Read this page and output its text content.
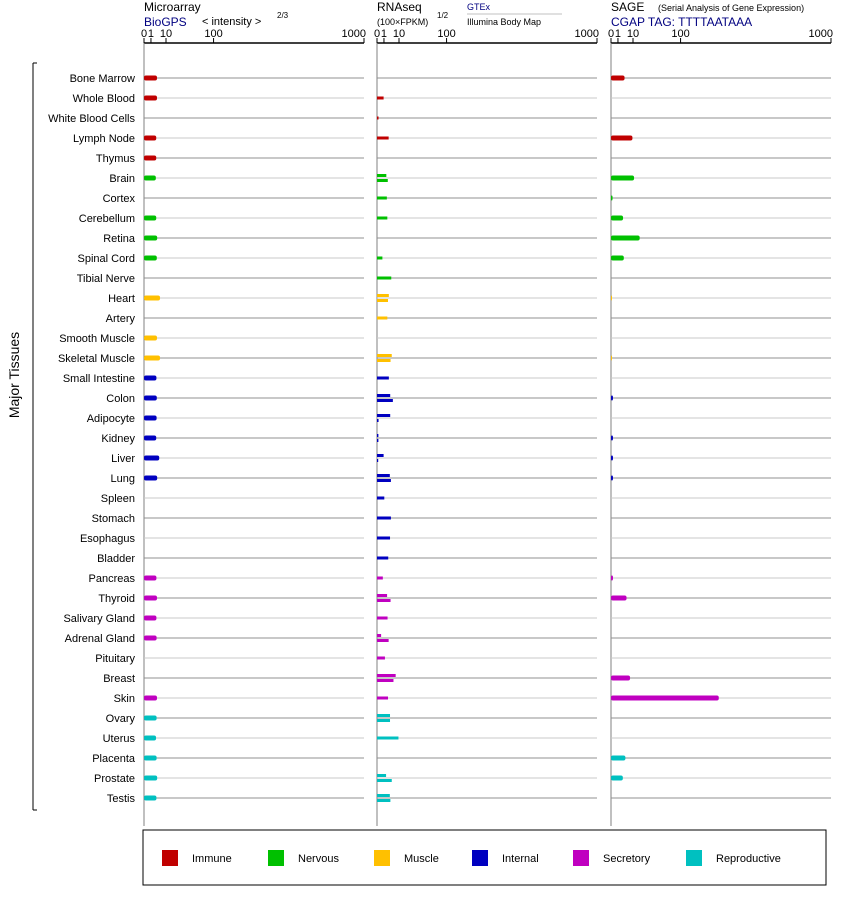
Microarray
BioGPS < intensity >
2/3
RNAseq
(100×FPKM)
1/2
GTEx
Illumina Body Map
SAGE (Serial Analysis of Gene Expression)
CGAP TAG: TTTTAATAAA
0 1 10	100	1000 0 1 10	100	1000 0 1 10	100	1000
Bone Marrow
Whole Blood
White Blood Cells
Lymph Node
Thymus
Brain
Cortex
Cerebellum
Retina
Spinal Cord
Tibial Nerve
Heart
Artery
Smooth Muscle
Skeletal Muscle
Small Intestine
Colon
Adipocyte
Kidney
Liver
Lung
Spleen
Stomach
Esophagus
Bladder
Pancreas
Thyroid
Salivary Gland
Adrenal Gland
Pituitary
Breast
Skin
Ovary
Uterus
Placenta
Prostate
Testis
Major Tissues
Immune	Nervous	Muscle	Internal	Secretory	Reproductive
